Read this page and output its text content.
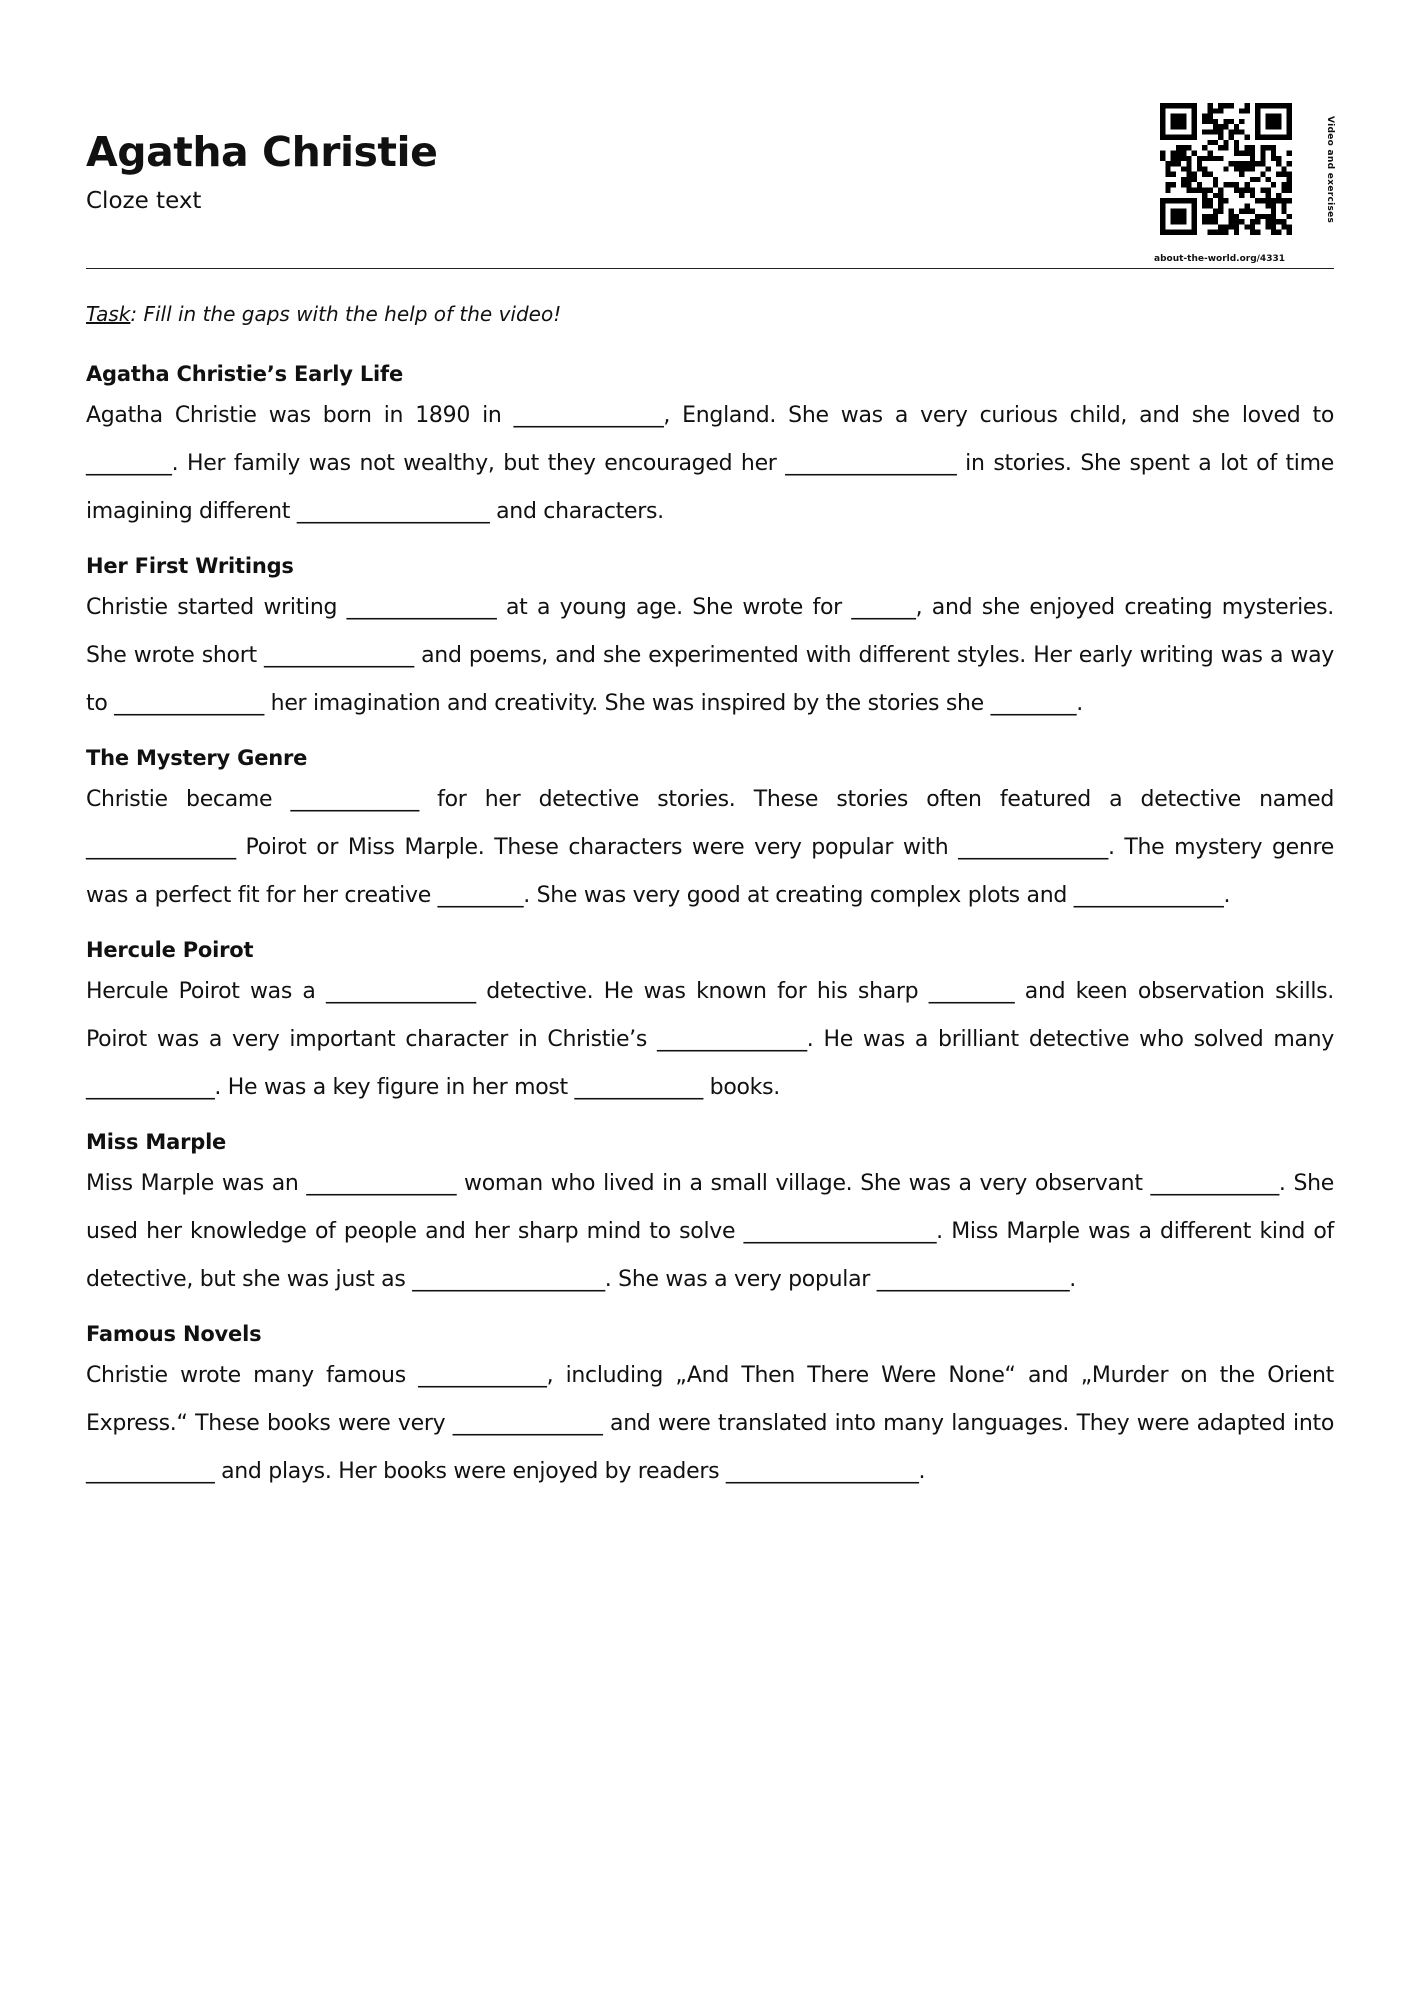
Agatha Christie
Cloze text	Video and exercises
about-the-world.org/4331
Task: Fill in the gaps with the help of the video!
Agatha Christie’s Early Life
Agatha Christie was born in 1890 in ______________, England. She was a very curious child, and she loved to ________. Her family was not wealthy, but they encouraged her ________________ in stories. She spent a lot of time imagining different __________________ and characters.
Her First Writings
Christie started writing ______________ at a young age. She wrote for ______, and she enjoyed creating mysteries. She wrote short ______________ and poems, and she experimented with different styles. Her early writing was a way to ______________ her imagination and creativity. She was inspired by the stories she ________.
The Mystery Genre
Christie became ____________ for her detective stories. These stories often featured a detective named ______________ Poirot or Miss Marple. These characters were very popular with ______________. The mystery genre was a perfect fit for her creative ________. She was very good at creating complex plots and ______________.
Hercule Poirot
Hercule Poirot was a ______________ detective. He was known for his sharp ________ and keen observation skills. Poirot was a very important character in Christie’s ______________. He was a brilliant detective who solved many ____________. He was a key figure in her most ____________ books.
Miss Marple
Miss Marple was an ______________ woman who lived in a small village. She was a very observant ____________. She used her knowledge of people and her sharp mind to solve __________________. Miss Marple was a different kind of detective, but she was just as __________________. She was a very popular __________________.
Famous Novels
Christie wrote many famous ____________, including „And Then There Were None“ and „Murder on the Orient Express.“ These books were very ______________ and were translated into many languages. They were adapted into ____________ and plays. Her books were enjoyed by readers __________________.
